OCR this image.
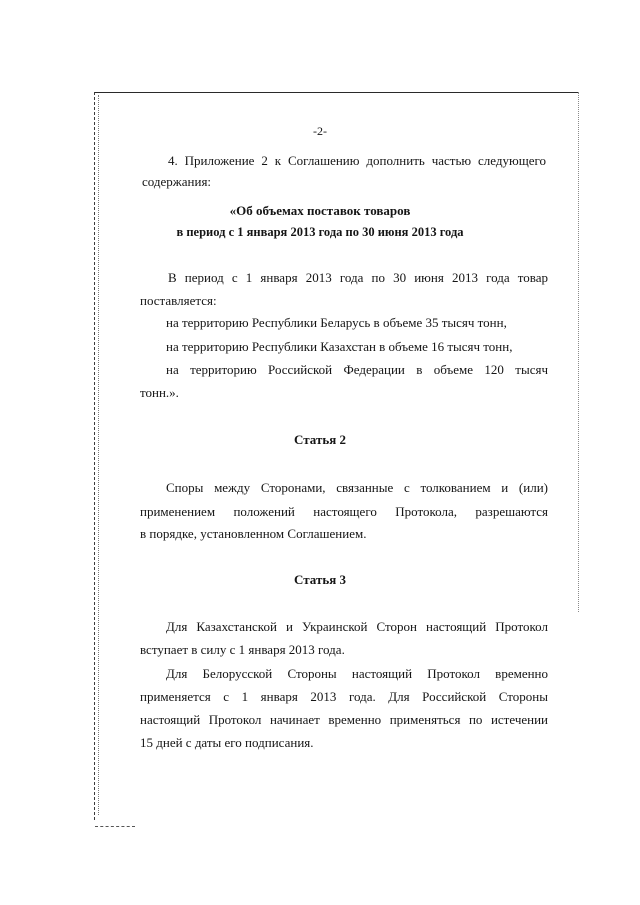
-2-

4. Приложение 2 к Соглашению дополнить частью следующего

содержания:

«Об объемах поставок товаров

в период с 1 января 2013 года по 30 июня 2013 года

В период с 1 января 2013 года по 30 июня 2013 года товар

поставляется:

на территорию Республики Беларусь в объеме 35 тысяч тонн,

на территорию Республики Казахстан в объеме 16 тысяч тонн,

на территорию Российской Федерации в объеме 120 тысяч

тонн.».

Статья 2

Споры между Сторонами, связанные с толкованием и (или)

применением положений настоящего Протокола, разрешаются

в порядке, установленном Соглашением.

Статья 3

Для Казахстанской и Украинской Сторон настоящий Протокол

вступает в силу с 1 января 2013 года.

Для Белорусской Стороны настоящий Протокол временно

применяется с 1 января 2013 года. Для Российской Стороны

настоящий Протокол начинает временно применяться по истечении

15 дней с даты его подписания.
